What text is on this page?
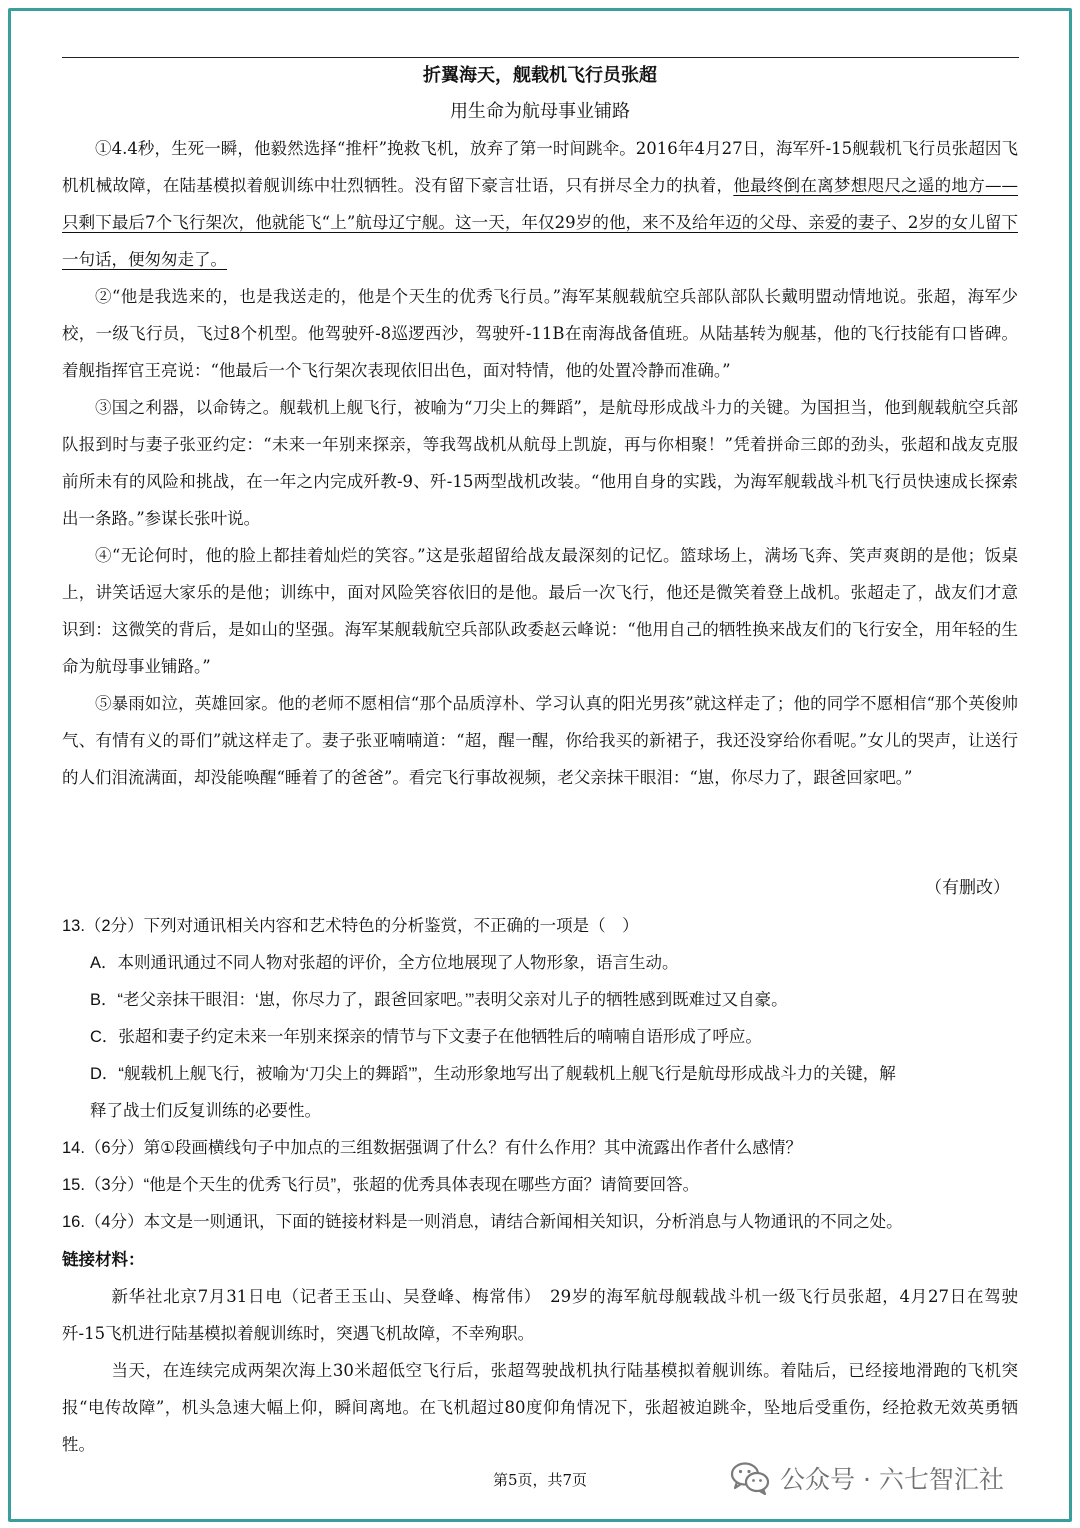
折翼海天，舰载机飞行员张超
用生命为航母事业铺路

①4.4秒，生死一瞬，他毅然选择“推杆”挽救飞机，放弃了第一时间跳伞。2016年4月27日，海军歼-15舰载机飞行员张超因飞机机械故障，在陆基模拟着舰训练中壮烈牺牲。没有留下豪言壮语，只有拼尽全力的执着，他最终倒在离梦想咫尺之遥的地方——只剩下最后7个飞行架次，他就能飞“上”航母辽宁舰。这一天，年仅29岁的他，来不及给年迈的父母、亲爱的妻子、2岁的女儿留下一句话，便匆匆走了。

②“他是我选来的，也是我送走的，他是个天生的优秀飞行员。”海军某舰载航空兵部队部队长戴明盟动情地说。张超，海军少校，一级飞行员，飞过8个机型。他驾驶歼-8巡逻西沙，驾驶歼-11B在南海战备值班。从陆基转为舰基，他的飞行技能有口皆碑。着舰指挥官王亮说：“他最后一个飞行架次表现依旧出色，面对特情，他的处置冷静而准确。”

③国之利器，以命铸之。舰载机上舰飞行，被喻为“刀尖上的舞蹈”，是航母形成战斗力的关键。为国担当，他到舰载航空兵部队报到时与妻子张亚约定：“未来一年别来探亲，等我驾战机从航母上凯旋，再与你相聚！”凭着拼命三郎的劲头，张超和战友克服前所未有的风险和挑战，在一年之内完成歼教-9、歼-15两型战机改装。“他用自身的实践，为海军舰载战斗机飞行员快速成长探索出一条路。”参谋长张叶说。

④“无论何时，他的脸上都挂着灿烂的笑容。”这是张超留给战友最深刻的记忆。篮球场上，满场飞奔、笑声爽朗的是他；饭桌上，讲笑话逗大家乐的是他；训练中，面对风险笑容依旧的是他。最后一次飞行，他还是微笑着登上战机。张超走了，战友们才意识到：这微笑的背后，是如山的坚强。海军某舰载航空兵部队政委赵云峰说：“他用自己的牺牲换来战友们的飞行安全，用年轻的生命为航母事业铺路。”

⑤暴雨如泣，英雄回家。他的老师不愿相信“那个品质淳朴、学习认真的阳光男孩”就这样走了；他的同学不愿相信“那个英俊帅气、有情有义的哥们”就这样走了。妻子张亚喃喃道：“超，醒一醒，你给我买的新裙子，我还没穿给你看呢。”女儿的哭声，让送行的人们泪流满面，却没能唤醒“睡着了的爸爸”。看完飞行事故视频，老父亲抹干眼泪：“崽，你尽力了，跟爸回家吧。”

（有删改）
13.（2分）下列对通讯相关内容和艺术特色的分析鉴赏，不正确的一项是（　）
A．本则通讯通过不同人物对张超的评价，全方位地展现了人物形象，语言生动。
B．“老父亲抹干眼泪：‘崽，你尽力了，跟爸回家吧。’”表明父亲对儿子的牺牲感到既难过又自豪。
C．张超和妻子约定未来一年别来探亲的情节与下文妻子在他牺牲后的喃喃自语形成了呼应。
D．“舰载机上舰飞行，被喻为‘刀尖上的舞蹈’”，生动形象地写出了舰载机上舰飞行是航母形成战斗力的关键，解
释了战士们反复训练的必要性。
14.（6分）第①段画横线句子中加点的三组数据强调了什么？有什么作用？其中流露出作者什么感情？
15.（3分）“他是个天生的优秀飞行员”，张超的优秀具体表现在哪些方面？请简要回答。
16.（4分）本文是一则通讯，下面的链接材料是一则消息，请结合新闻相关知识，分析消息与人物通讯的不同之处。
链接材料：

新华社北京7月31日电（记者王玉山、吴登峰、梅常伟）　29岁的海军航母舰载战斗机一级飞行员张超，4月27日在驾驶歼-15飞机进行陆基模拟着舰训练时，突遇飞机故障，不幸殉职。

当天，在连续完成两架次海上30米超低空飞行后，张超驾驶战机执行陆基模拟着舰训练。着陆后，已经接地滑跑的飞机突报“电传故障”，机头急速大幅上仰，瞬间离地。在飞机超过80度仰角情况下，张超被迫跳伞，坠地后受重伤，经抢救无效英勇牺牲。

第5页，共7页	公众号 · 六七智汇社
